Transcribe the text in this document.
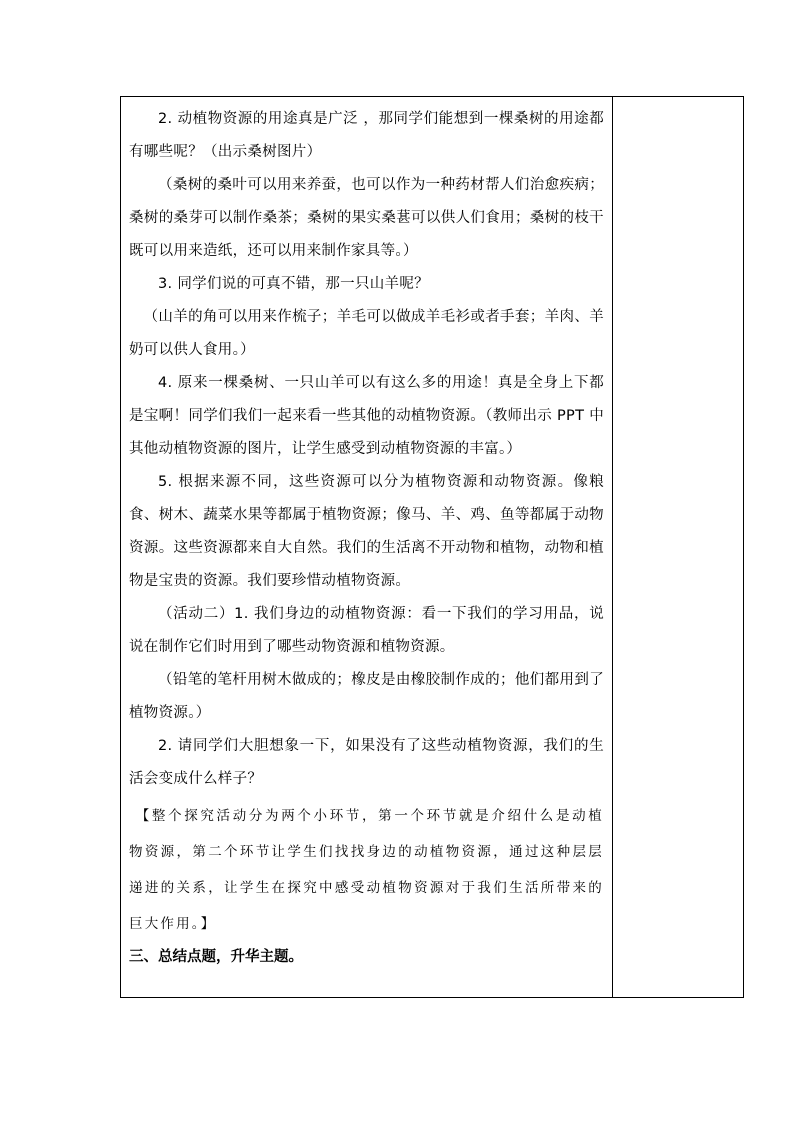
2. 动植物资源的用途真是广泛 ，那同学们能想到一棵桑树的用途都有哪些呢？（出示桑树图片）

（桑树的桑叶可以用来养蚕，也可以作为一种药材帮人们治愈疾病；桑树的桑芽可以制作桑茶；桑树的果实桑葚可以供人们食用；桑树的枝干既可以用来造纸，还可以用来制作家具等。）

3. 同学们说的可真不错，那一只山羊呢？

（山羊的角可以用来作梳子；羊毛可以做成羊毛衫或者手套；羊肉、羊奶可以供人食用。）

4. 原来一棵桑树、一只山羊可以有这么多的用途！真是全身上下都是宝啊！同学们我们一起来看一些其他的动植物资源。（教师出示 PPT 中其他动植物资源的图片，让学生感受到动植物资源的丰富。）

5. 根据来源不同，这些资源可以分为植物资源和动物资源。像粮食、树木、蔬菜水果等都属于植物资源；像马、羊、鸡、鱼等都属于动物资源。这些资源都来自大自然。我们的生活离不开动物和植物，动物和植物是宝贵的资源。我们要珍惜动植物资源。

（活动二）1. 我们身边的动植物资源：看一下我们的学习用品，说说在制作它们时用到了哪些动物资源和植物资源。

（铅笔的笔杆用树木做成的；橡皮是由橡胶制作成的；他们都用到了植物资源。）

2. 请同学们大胆想象一下，如果没有了这些动植物资源，我们的生活会变成什么样子？

【整个探究活动分为两个小环节，第一个环节就是介绍什么是动植物资源，第二个环节让学生们找找身边的动植物资源，通过这种层层递进的关系，让学生在探究中感受动植物资源对于我们生活所带来的巨大作用。】

三、总结点题，升华主题。
